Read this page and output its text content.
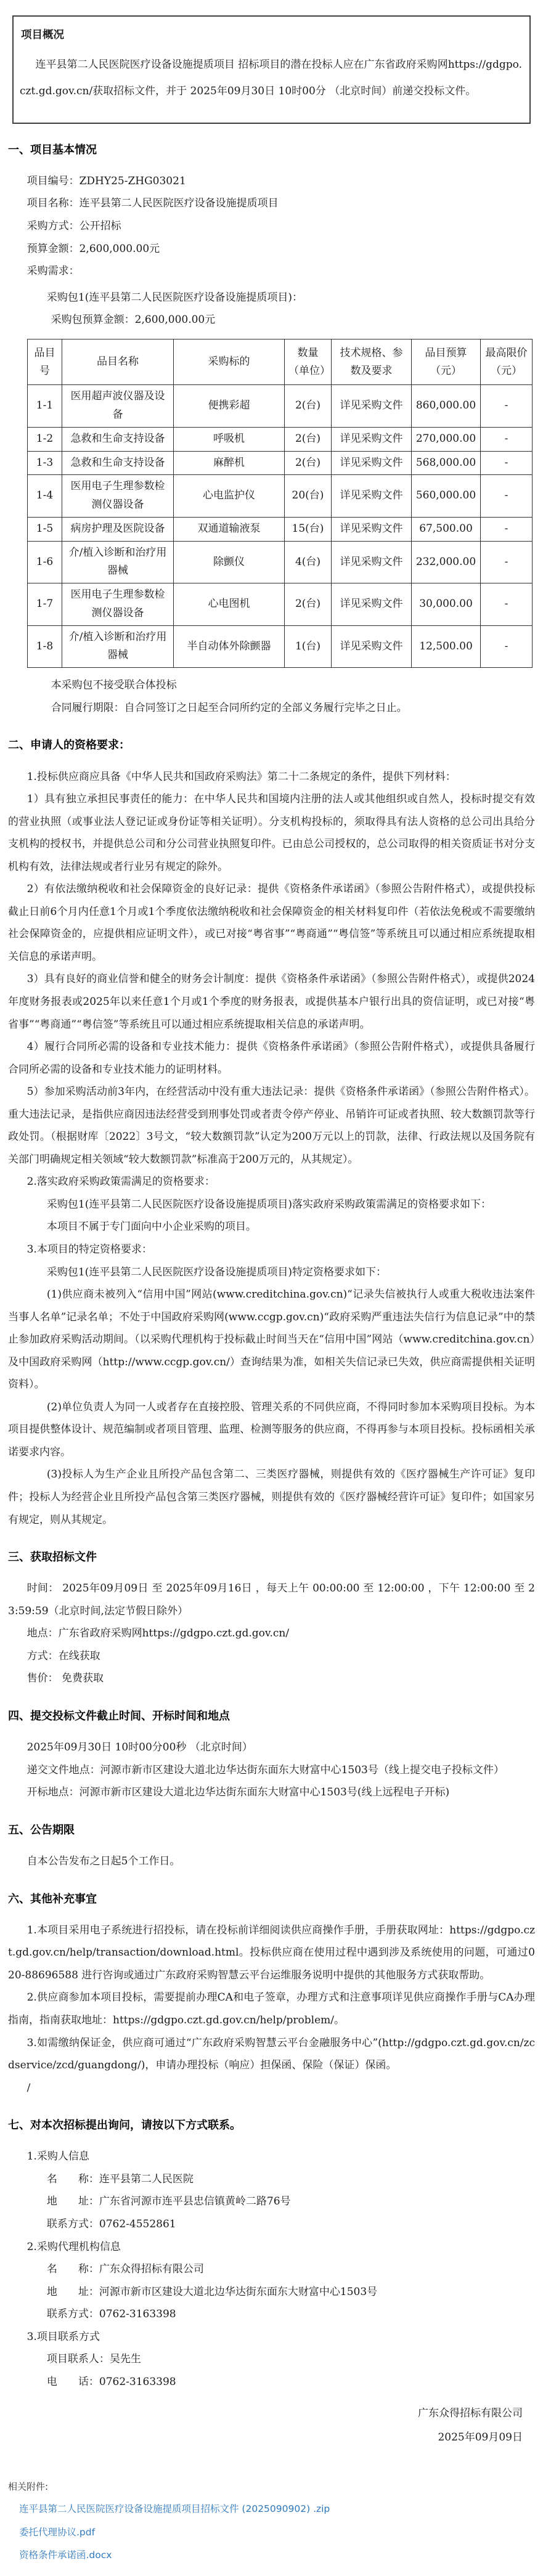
项目概况

连平县第二人民医院医疗设备设施提质项目 招标项目的潜在投标人应在广东省政府采购网https://gdgpo.czt.gd.gov.cn/获取招标文件，并于 2025年09月30日 10时00分 （北京时间）前递交投标文件。

一、项目基本情况

项目编号：ZDHY25-ZHG03021

项目名称：连平县第二人民医院医疗设备设施提质项目

采购方式：公开招标

预算金额：2,600,000.00元

采购需求：

采购包1(连平县第二人民医院医疗设备设施提质项目)：

采购包预算金额：2,600,000.00元

品目号	品目名称	采购标的	数量（单位）	技术规格、参数及要求	品目预算（元）	最高限价（元）
1-1	医用超声波仪器及设备	便携彩超	2(台)	详见采购文件	860,000.00	-
1-2	急救和生命支持设备	呼吸机	2(台)	详见采购文件	270,000.00	-
1-3	急救和生命支持设备	麻醉机	2(台)	详见采购文件	568,000.00	-
1-4	医用电子生理参数检测仪器设备	心电监护仪	20(台)	详见采购文件	560,000.00	-
1-5	病房护理及医院设备	双通道输液泵	15(台)	详见采购文件	67,500.00	-
1-6	介/植入诊断和治疗用器械	除颤仪	4(台)	详见采购文件	232,000.00	-
1-7	医用电子生理参数检测仪器设备	心电图机	2(台)	详见采购文件	30,000.00	-
1-8	介/植入诊断和治疗用器械	半自动体外除颤器	1(台)	详见采购文件	12,500.00	-

本采购包不接受联合体投标

合同履行期限：自合同签订之日起至合同所约定的全部义务履行完毕之日止。

二、申请人的资格要求：

1.投标供应商应具备《中华人民共和国政府采购法》第二十二条规定的条件，提供下列材料：

1）具有独立承担民事责任的能力：在中华人民共和国境内注册的法人或其他组织或自然人，投标时提交有效的营业执照（或事业法人登记证或身份证等相关证明）。分支机构投标的，须取得具有法人资格的总公司出具给分支机构的授权书，并提供总公司和分公司营业执照复印件。已由总公司授权的，总公司取得的相关资质证书对分支机构有效，法律法规或者行业另有规定的除外。

2）有依法缴纳税收和社会保障资金的良好记录：提供《资格条件承诺函》（参照公告附件格式），或提供投标截止日前6个月内任意1个月或1个季度依法缴纳税收和社会保障资金的相关材料复印件（若依法免税或不需要缴纳社会保障资金的，应提供相应证明文件），或已对接“粤省事”“粤商通”“粤信签”等系统且可以通过相应系统提取相关信息的承诺声明。

3）具有良好的商业信誉和健全的财务会计制度：提供《资格条件承诺函》（参照公告附件格式），或提供2024年度财务报表或2025年以来任意1个月或1个季度的财务报表，或提供基本户银行出具的资信证明，或已对接“粤省事”“粤商通”“粤信签”等系统且可以通过相应系统提取相关信息的承诺声明。

4）履行合同所必需的设备和专业技术能力：提供《资格条件承诺函》（参照公告附件格式），或提供具备履行合同所必需的设备和专业技术能力的证明材料。

5）参加采购活动前3年内，在经营活动中没有重大违法记录：提供《资格条件承诺函》（参照公告附件格式）。重大违法记录，是指供应商因违法经营受到刑事处罚或者责令停产停业、吊销许可证或者执照、较大数额罚款等行政处罚。（根据财库〔2022〕3号文，“较大数额罚款”认定为200万元以上的罚款，法律、行政法规以及国务院有关部门明确规定相关领域“较大数额罚款”标准高于200万元的，从其规定）。

2.落实政府采购政策需满足的资格要求：

采购包1(连平县第二人民医院医疗设备设施提质项目)落实政府采购政策需满足的资格要求如下：

本项目不属于专门面向中小企业采购的项目。

3.本项目的特定资格要求：

采购包1(连平县第二人民医院医疗设备设施提质项目)特定资格要求如下：

(1)供应商未被列入“信用中国”网站(www.creditchina.gov.cn)“记录失信被执行人或重大税收违法案件当事人名单”记录名单；不处于中国政府采购网(www.ccgp.gov.cn)“政府采购严重违法失信行为信息记录”中的禁止参加政府采购活动期间。（以采购代理机构于投标截止时间当天在“信用中国”网站（www.creditchina.gov.cn）及中国政府采购网（http://www.ccgp.gov.cn/）查询结果为准，如相关失信记录已失效，供应商需提供相关证明资料）。

(2)单位负责人为同一人或者存在直接控股、管理关系的不同供应商，不得同时参加本采购项目投标。为本项目提供整体设计、规范编制或者项目管理、监理、检测等服务的供应商，不得再参与本项目投标。投标函相关承诺要求内容。

(3)投标人为生产企业且所投产品包含第二、三类医疗器械，则提供有效的《医疗器械生产许可证》复印件；投标人为经营企业且所投产品包含第三类医疗器械，则提供有效的《医疗器械经营许可证》复印件；如国家另有规定，则从其规定。

三、获取招标文件

时间： 2025年09月09日 至 2025年09月16日 ，每天上午 00:00:00 至 12:00:00 ，下午 12:00:00 至 23:59:59（北京时间,法定节假日除外）

地点：广东省政府采购网https://gdgpo.czt.gd.gov.cn/

方式：在线获取

售价： 免费获取

四、提交投标文件截止时间、开标时间和地点

2025年09月30日 10时00分00秒 （北京时间）

递交文件地点：河源市新市区建设大道北边华达街东面东大财富中心1503号（线上提交电子投标文件）

开标地点：河源市新市区建设大道北边华达街东面东大财富中心1503号(线上远程电子开标)

五、公告期限

自本公告发布之日起5个工作日。

六、其他补充事宜

1.本项目采用电子系统进行招投标，请在投标前详细阅读供应商操作手册，手册获取网址：https://gdgpo.czt.gd.gov.cn/help/transaction/download.html。投标供应商在使用过程中遇到涉及系统使用的问题，可通过020-88696588 进行咨询或通过广东政府采购智慧云平台运维服务说明中提供的其他服务方式获取帮助。

2.供应商参加本项目投标，需要提前办理CA和电子签章，办理方式和注意事项详见供应商操作手册与CA办理指南，指南获取地址：https://gdgpo.czt.gd.gov.cn/help/problem/。

3.如需缴纳保证金，供应商可通过“广东政府采购智慧云平台金融服务中心”(http://gdgpo.czt.gd.gov.cn/zcdservice/zcd/guangdong/)，申请办理投标（响应）担保函、保险（保证）保函。

/

七、对本次招标提出询问，请按以下方式联系。

1.采购人信息

名　　称：连平县第二人民医院

地　　址：广东省河源市连平县忠信镇黄岭二路76号

联系方式：0762-4552861

2.采购代理机构信息

名　　称：广东众得招标有限公司

地　　址：河源市新市区建设大道北边华达街东面东大财富中心1503号

联系方式：0762-3163398

3.项目联系方式

项目联系人：吴先生

电　　话：0762-3163398

广东众得招标有限公司

2025年09月09日

相关附件:

连平县第二人民医院医疗设备设施提质项目招标文件 (2025090902) .zip
委托代理协议.pdf
资格条件承诺函.docx
